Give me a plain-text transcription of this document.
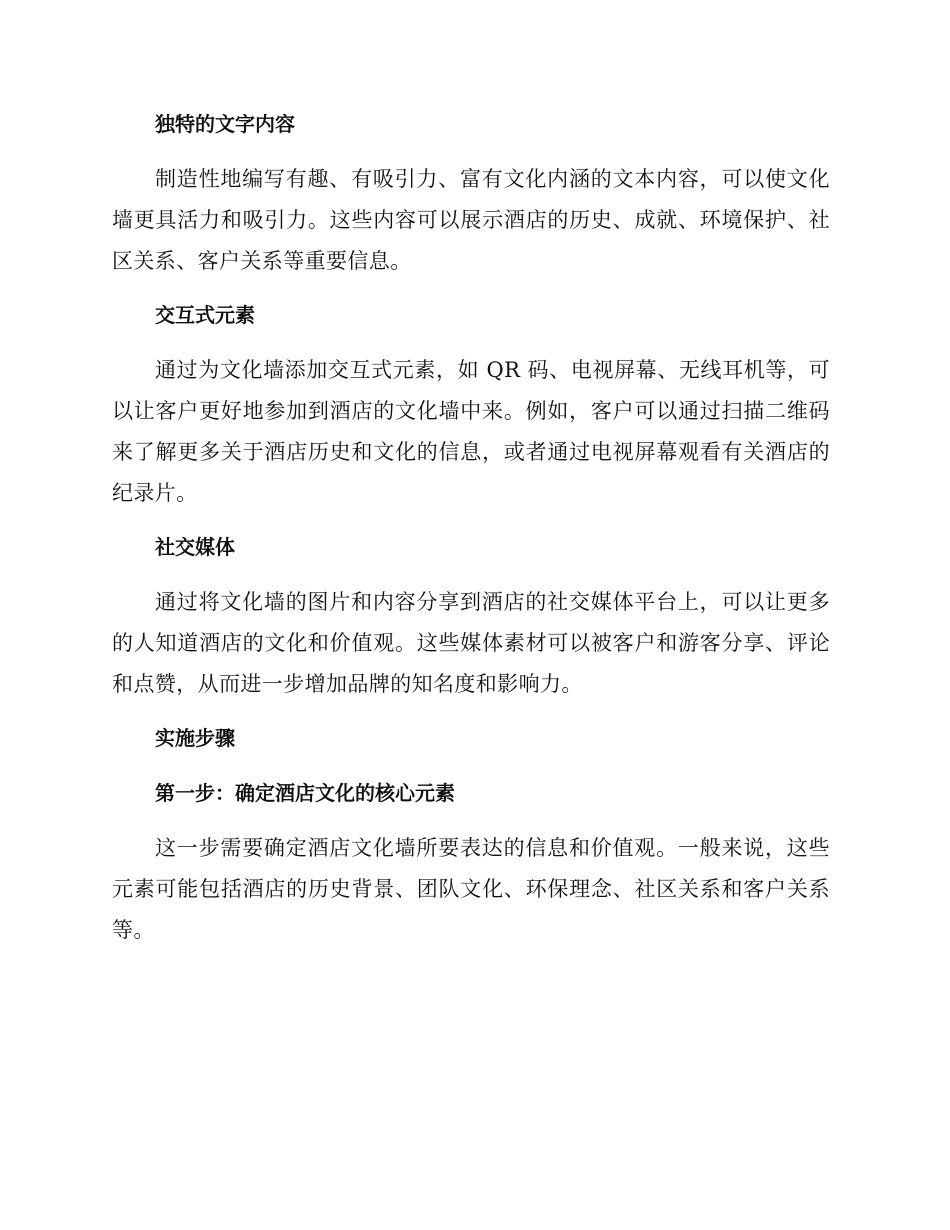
独特的文字内容

制造性地编写有趣、有吸引力、富有文化内涵的文本内容，可以使文化墙更具活力和吸引力。这些内容可以展示酒店的历史、成就、环境保护、社区关系、客户关系等重要信息。

交互式元素

通过为文化墙添加交互式元素，如 QR 码、电视屏幕、无线耳机等，可以让客户更好地参加到酒店的文化墙中来。例如，客户可以通过扫描二维码来了解更多关于酒店历史和文化的信息，或者通过电视屏幕观看有关酒店的纪录片。

社交媒体

通过将文化墙的图片和内容分享到酒店的社交媒体平台上，可以让更多的人知道酒店的文化和价值观。这些媒体素材可以被客户和游客分享、评论和点赞，从而进一步增加品牌的知名度和影响力。

实施步骤
第一步：确定酒店文化的核心元素

这一步需要确定酒店文化墙所要表达的信息和价值观。一般来说，这些元素可能包括酒店的历史背景、团队文化、环保理念、社区关系和客户关系等。
